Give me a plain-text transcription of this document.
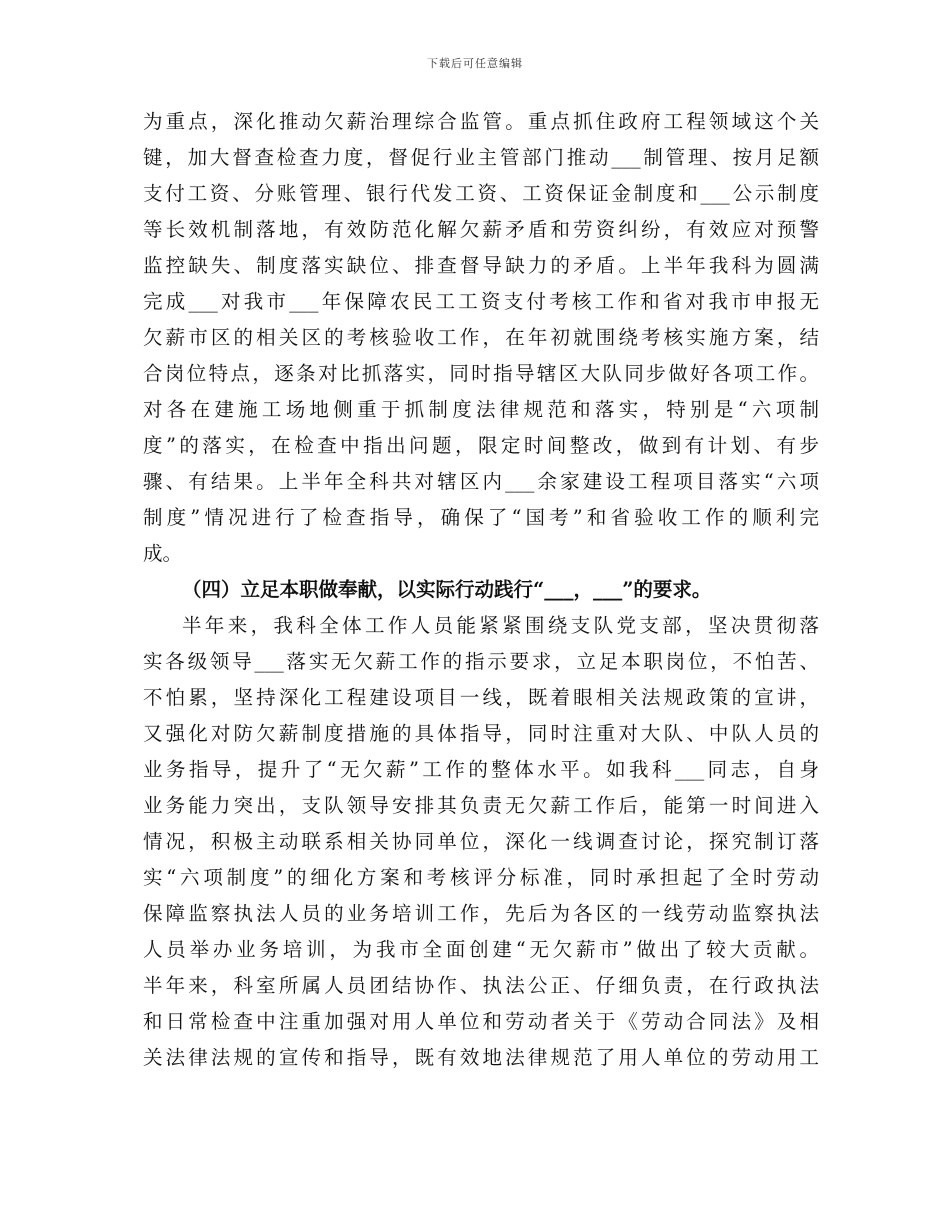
下载后可任意编辑
为重点，深化推动欠薪治理综合监管。重点抓住政府工程领域这个关
键，加大督查检查力度，督促行业主管部门推动___制管理、按月足额
支付工资、分账管理、银行代发工资、工资保证金制度和___公示制度
等长效机制落地，有效防范化解欠薪矛盾和劳资纠纷，有效应对预警
监控缺失、制度落实缺位、排查督导缺力的矛盾。上半年我科为圆满
完成___对我市___年保障农民工工资支付考核工作和省对我市申报无
欠薪市区的相关区的考核验收工作，在年初就围绕考核实施方案，结
合岗位特点，逐条对比抓落实，同时指导辖区大队同步做好各项工作。
对各在建施工场地侧重于抓制度法律规范和落实，特别是“六项制
度”的落实，在检查中指出问题，限定时间整改，做到有计划、有步
骤、有结果。上半年全科共对辖区内___余家建设工程项目落实“六项
制度”情况进行了检查指导，确保了“国考”和省验收工作的顺利完
成。
（四）立足本职做奉献，以实际行动践行“___，___”的要求。
半年来，我科全体工作人员能紧紧围绕支队党支部，坚决贯彻落
实各级领导___落实无欠薪工作的指示要求，立足本职岗位，不怕苦、
不怕累，坚持深化工程建设项目一线，既着眼相关法规政策的宣讲，
又强化对防欠薪制度措施的具体指导，同时注重对大队、中队人员的
业务指导，提升了“无欠薪”工作的整体水平。如我科___同志，自身
业务能力突出，支队领导安排其负责无欠薪工作后，能第一时间进入
情况，积极主动联系相关协同单位，深化一线调查讨论，探究制订落
实“六项制度”的细化方案和考核评分标准，同时承担起了全时劳动
保障监察执法人员的业务培训工作，先后为各区的一线劳动监察执法
人员举办业务培训，为我市全面创建“无欠薪市”做出了较大贡献。
半年来，科室所属人员团结协作、执法公正、仔细负责，在行政执法
和日常检查中注重加强对用人单位和劳动者关于《劳动合同法》及相
关法律法规的宣传和指导，既有效地法律规范了用人单位的劳动用工
